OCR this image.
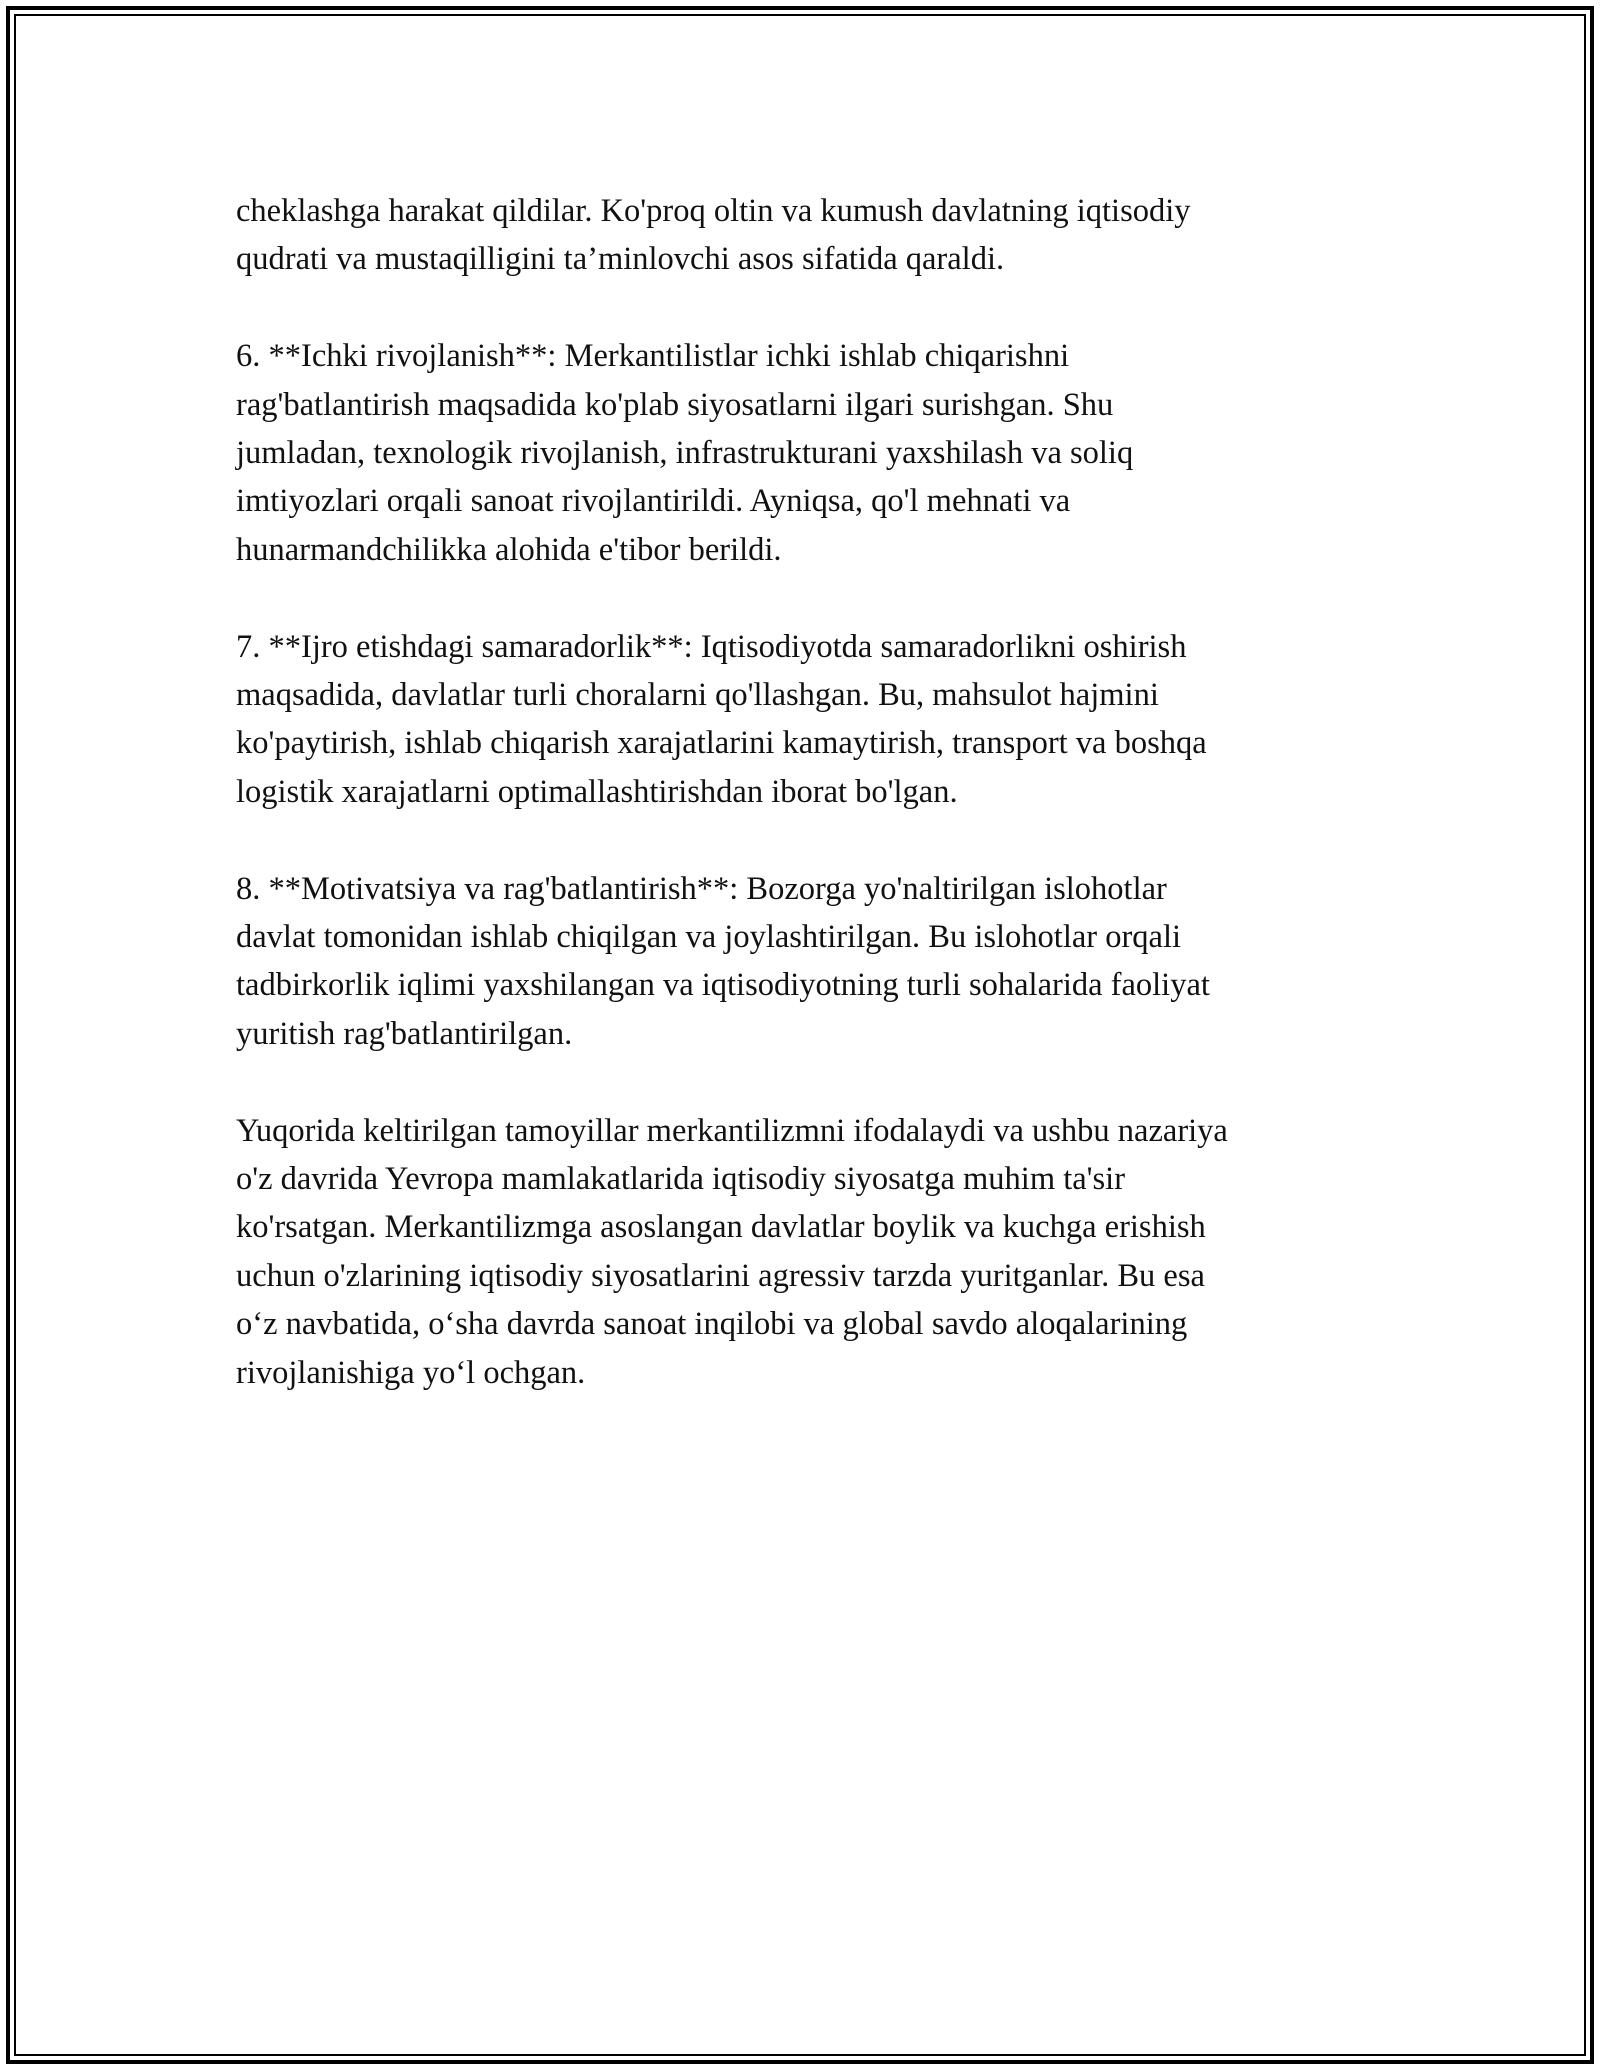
cheklashga harakat qildilar. Ko'proq oltin va kumush davlatning iqtisodiy
qudrati va mustaqilligini ta’minlovchi asos sifatida qaraldi.

6. **Ichki rivojlanish**: Merkantilistlar ichki ishlab chiqarishni
rag'batlantirish maqsadida ko'plab siyosatlarni ilgari surishgan. Shu
jumladan, texnologik rivojlanish, infrastrukturani yaxshilash va soliq
imtiyozlari orqali sanoat rivojlantirildi. Ayniqsa, qo'l mehnati va
hunarmandchilikka alohida e'tibor berildi.

7. **Ijro etishdagi samaradorlik**: Iqtisodiyotda samaradorlikni oshirish
maqsadida, davlatlar turli choralarni qo'llashgan. Bu, mahsulot hajmini
ko'paytirish, ishlab chiqarish xarajatlarini kamaytirish, transport va boshqa
logistik xarajatlarni optimallashtirishdan iborat bo'lgan.

8. **Motivatsiya va rag'batlantirish**: Bozorga yo'naltirilgan islohotlar
davlat tomonidan ishlab chiqilgan va joylashtirilgan. Bu islohotlar orqali
tadbirkorlik iqlimi yaxshilangan va iqtisodiyotning turli sohalarida faoliyat
yuritish rag'batlantirilgan.

Yuqorida keltirilgan tamoyillar merkantilizmni ifodalaydi va ushbu nazariya
o'z davrida Yevropa mamlakatlarida iqtisodiy siyosatga muhim ta'sir
ko'rsatgan. Merkantilizmga asoslangan davlatlar boylik va kuchga erishish
uchun o'zlarining iqtisodiy siyosatlarini agressiv tarzda yuritganlar. Bu esa
o‘z navbatida, o‘sha davrda sanoat inqilobi va global savdo aloqalarining
rivojlanishiga yo‘l ochgan.
